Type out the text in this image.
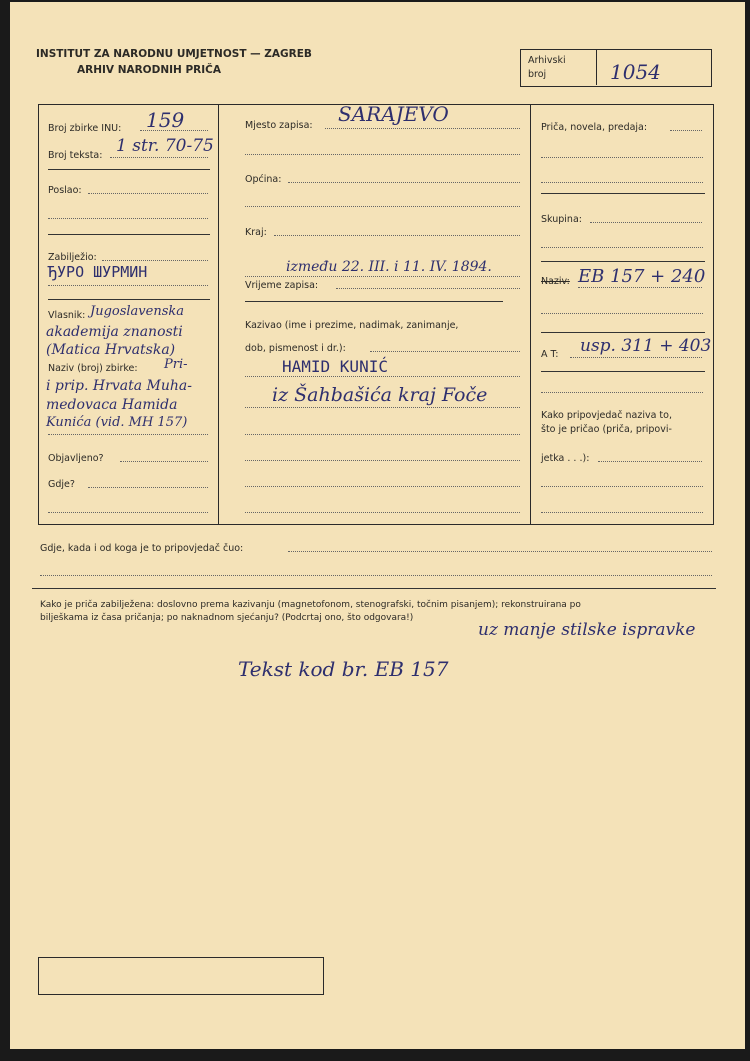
INSTITUT ZA NARODNU UMJETNOST — ZAGREB
ARHIV NARODNIH PRIČA
Arhivski
broj	1054
Broj zbirke INU: 159
Broj teksta: 1 str. 70-75
Poslao:
Zabilježio:
ЂУРО ШУРМИН
Vlasnik: Jugoslavenska
akademija znanosti
(Matica Hrvatska)
Naziv (broj) zbirke: Pri-
i prip. Hrvata Muha-
medovaca Hamida
Kunića (vid. MH 157)
Objavljeno?
Gdje?
Mjesto zapisa: SARAJEVO
Općina:
Kraj:
između 22. III. i 11. IV. 1894.
Vrijeme zapisa:
Kazivao (ime i prezime, nadimak, zanimanje,
dob, pismenost i dr.):
HAMID KUNIĆ
iz Šahbašića kraj Foče
Priča, novela, predaja:
Skupina:
Naziv: EB 157 + 240
A T: usp. 311 + 403
Kako pripovjedač naziva to,
što je pričao (priča, pripovi-
jetka . . .):
Gdje, kada i od koga je to pripovjedač čuo:
Kako je priča zabilježena: doslovno prema kazivanju (magnetofonom, stenografski, točnim pisanjem); rekonstruirana po
bilješkama iz časa pričanja; po naknadnom sjećanju? (Podcrtaj ono, što odgovara!)
uz manje stilske ispravke
Tekst kod br. EB 157
